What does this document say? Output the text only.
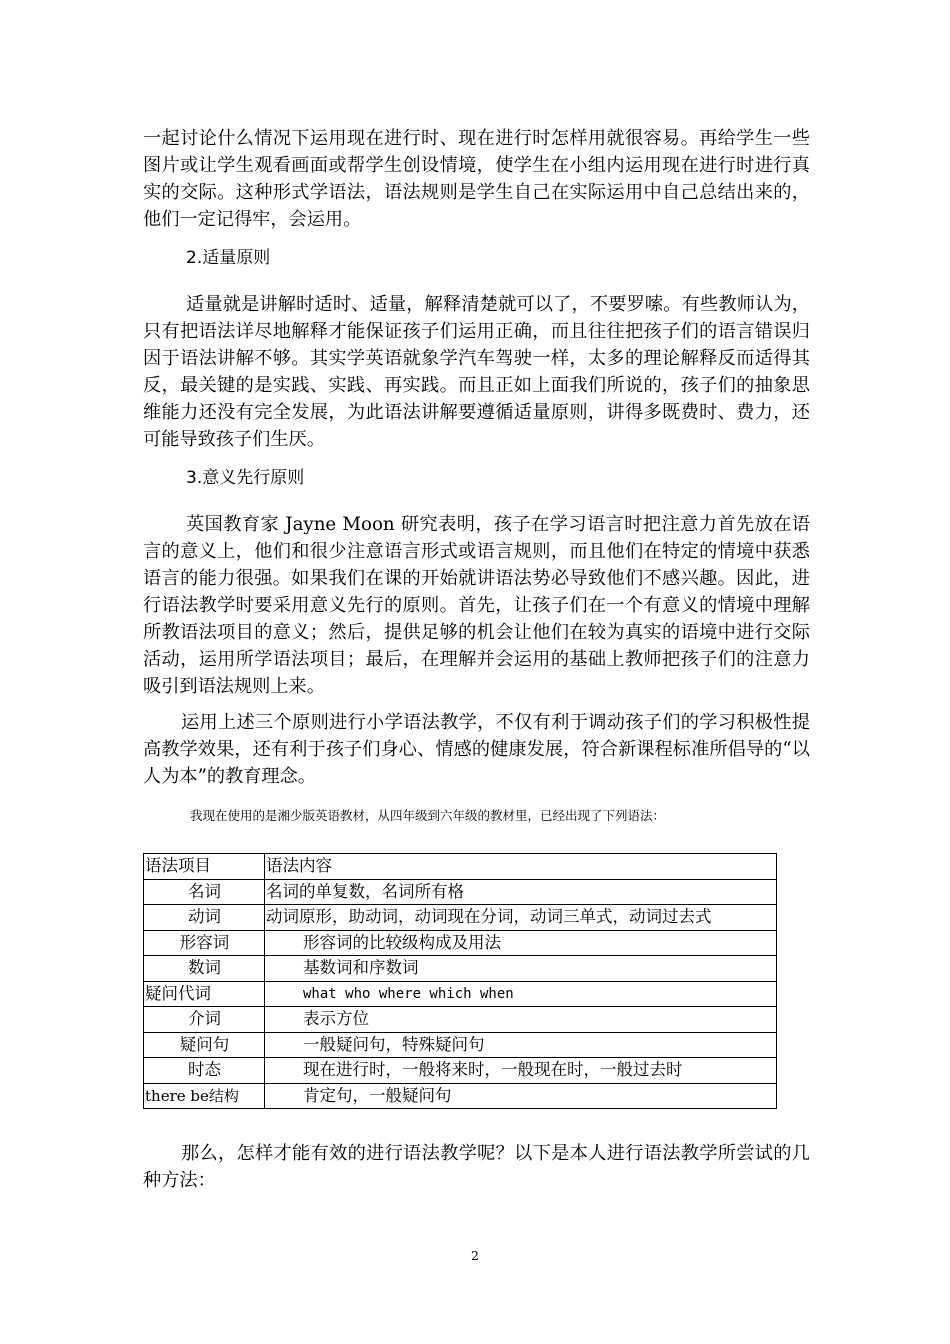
一起讨论什么情况下运用现在进行时、现在进行时怎样用就很容易。再给学生一些图片或让学生观看画面或帮学生创设情境，使学生在小组内运用现在进行时进行真实的交际。这种形式学语法，语法规则是学生自己在实际运用中自己总结出来的，他们一定记得牢，会运用。

2.适量原则

适量就是讲解时适时、适量，解释清楚就可以了，不要罗嗦。有些教师认为，只有把语法详尽地解释才能保证孩子们运用正确，而且往往把孩子们的语言错误归因于语法讲解不够。其实学英语就象学汽车驾驶一样，太多的理论解释反而适得其反，最关键的是实践、实践、再实践。而且正如上面我们所说的，孩子们的抽象思维能力还没有完全发展，为此语法讲解要遵循适量原则，讲得多既费时、费力，还可能导致孩子们生厌。

3.意义先行原则

英国教育家 Jayne Moon 研究表明，孩子在学习语言时把注意力首先放在语言的意义上，他们和很少注意语言形式或语言规则，而且他们在特定的情境中获悉语言的能力很强。如果我们在课的开始就讲语法势必导致他们不感兴趣。因此，进行语法教学时要采用意义先行的原则。首先，让孩子们在一个有意义的情境中理解所教语法项目的意义；然后，提供足够的机会让他们在较为真实的语境中进行交际活动，运用所学语法项目；最后，在理解并会运用的基础上教师把孩子们的注意力吸引到语法规则上来。

运用上述三个原则进行小学语法教学，不仅有利于调动孩子们的学习积极性提高教学效果，还有利于孩子们身心、情感的健康发展，符合新课程标准所倡导的“以人为本”的教育理念。

我现在使用的是湘少版英语教材，从四年级到六年级的教材里，已经出现了下列语法：

语法项目	语法内容
名词	名词的单复数，名词所有格
动词	动词原形，助动词，动词现在分词，动词三单式，动词过去式
形容词	形容词的比较级构成及用法
数词	基数词和序数词
疑问代词	what who where which when
介词	表示方位
疑问句	一般疑问句，特殊疑问句
时态	现在进行时，一般将来时，一般现在时，一般过去时
there be结构	肯定句，一般疑问句

那么，怎样才能有效的进行语法教学呢？以下是本人进行语法教学所尝试的几种方法：

2
